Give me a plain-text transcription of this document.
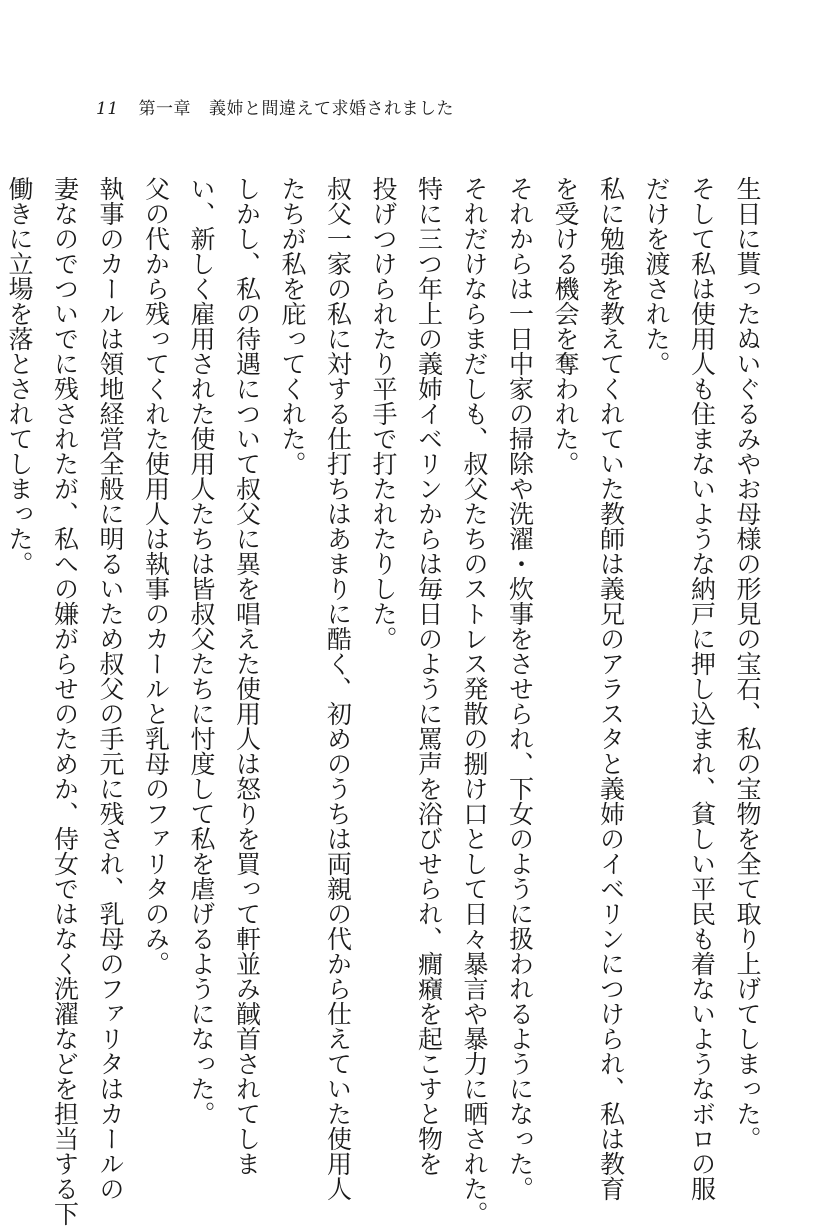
11 第一章 義姉と間違えて求婚されました
生日に貰ったぬいぐるみやお母様の形見の宝石、私の宝物を全て取り上げてしまった。
そして私は使用人も住まないような納戸に押し込まれ、貧しい平民も着ないようなボロの服
だけを渡された。
私に勉強を教えてくれていた教師は義兄のアラスタと義姉のイベリンにつけられ、私は教育
を受ける機会を奪われた。
それからは一日中家の掃除や洗濯・炊事をさせられ、下女のように扱われるようになった。
それだけならまだしも、叔父たちのストレス発散の捌け口として日々暴言や暴力に晒された。
特に三つ年上の義姉イベリンからは毎日のように罵声を浴びせられ、癇癪を起こすと物を
投げつけられたり平手で打たれたりした。
叔父一家の私に対する仕打ちはあまりに酷く、初めのうちは両親の代から仕えていた使用人
たちが私を庇ってくれた。
しかし、私の待遇について叔父に異を唱えた使用人は怒りを買って軒並み馘首されてしま
い、新しく雇用された使用人たちは皆叔父たちに忖度して私を虐げるようになった。
父の代から残ってくれた使用人は執事のカールと乳母のファリタのみ。
執事のカールは領地経営全般に明るいため叔父の手元に残され、乳母のファリタはカールの
妻なのでついでに残されたが、私への嫌がらせのためか、侍女ではなく洗濯などを担当する下
働きに立場を落とされてしまった。
